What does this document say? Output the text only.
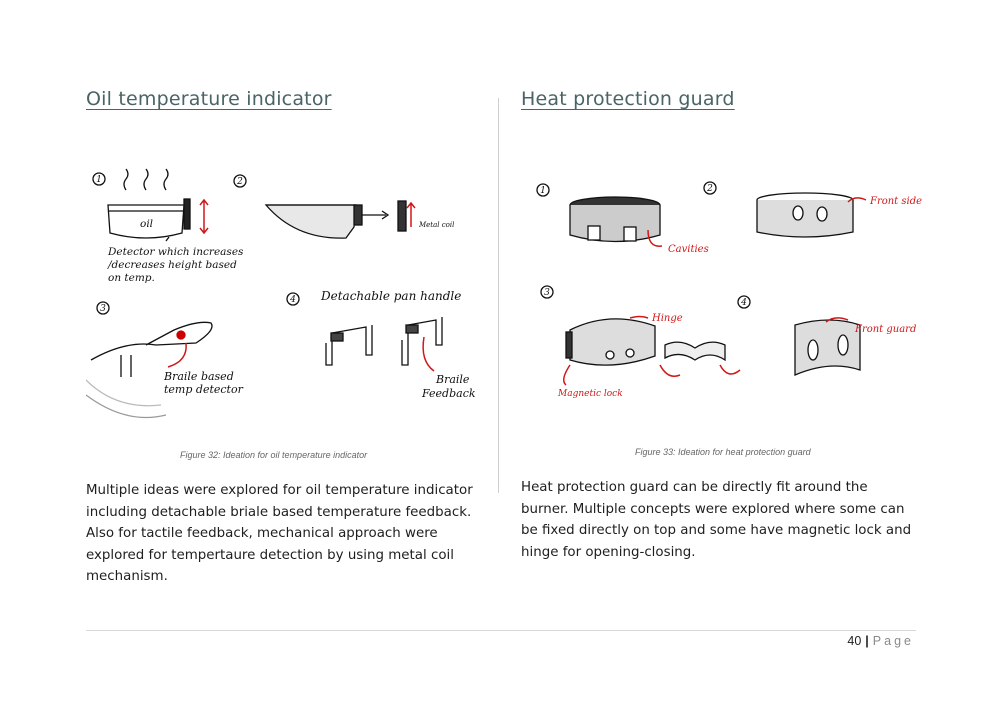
Oil temperature indicator	Heat protection guard
oil
Detector which increases
/decreases height based
on temp.
Metal coil
Detachable pan handle
Braile based
temp detector
Braile
Feedback
1	2
3
4
Cavities
Front side
Hinge
Magnetic lock
Front guard
1	2
3
4
Figure 32: Ideation for oil temperature indicator	Figure 33: Ideation for heat protection guard
Multiple ideas were explored for oil temperature indicator including detachable briale based temperature feedback. Also for tactile feedback, mechanical approach were explored for tempertaure detection by using metal coil mechanism.
Heat protection guard can be directly fit around the burner. Multiple concepts were explored where some can be fixed directly on top and some have magnetic lock and hinge for opening-closing.
40 | Page
